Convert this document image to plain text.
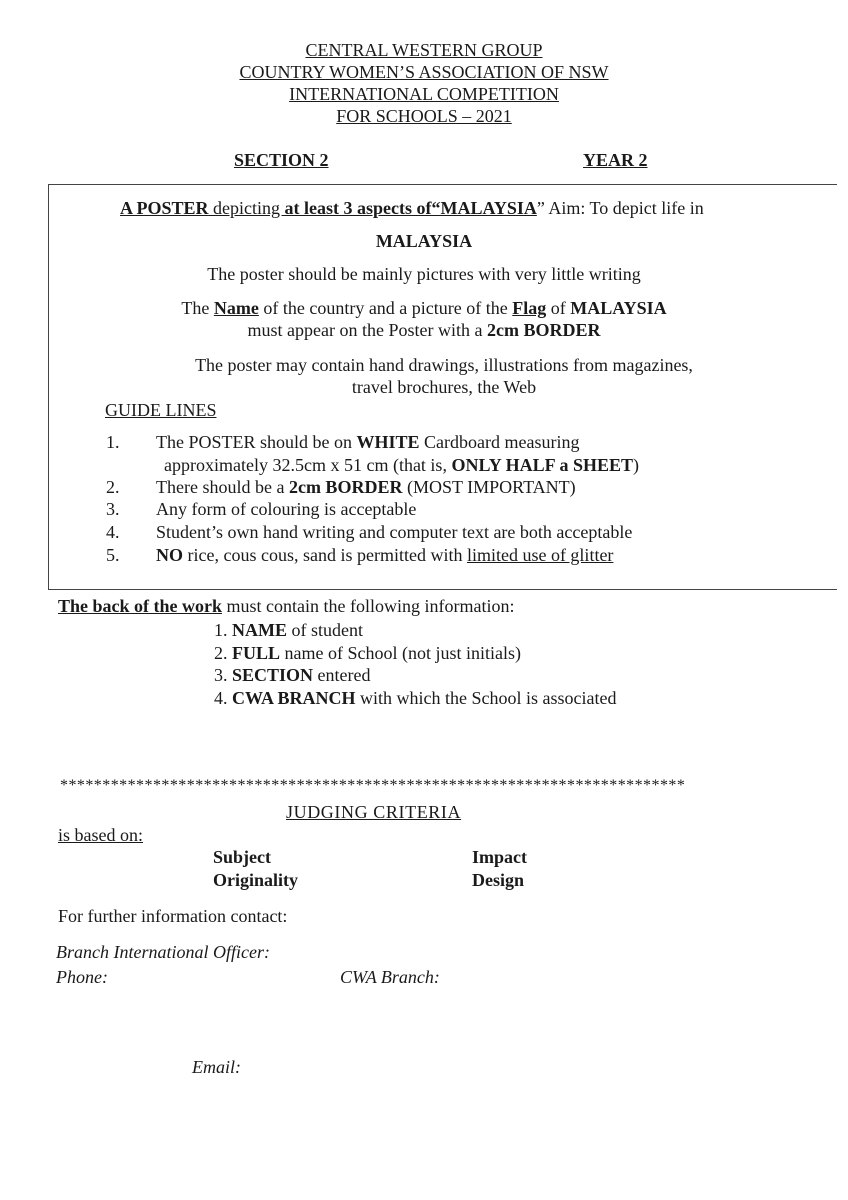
CENTRAL WESTERN GROUP
COUNTRY WOMEN’S ASSOCIATION OF NSW
INTERNATIONAL COMPETITION
FOR SCHOOLS – 2021
SECTION 2	YEAR 2
A POSTER depicting at least 3 aspects of“MALAYSIA” Aim: To depict life in
MALAYSIA
The poster should be mainly pictures with very little writing
The Name of the country and a picture of the Flag of MALAYSIA
must appear on the Poster with a 2cm BORDER
The poster may contain hand drawings, illustrations from magazines,
travel brochures, the Web
GUIDE LINES
1. The POSTER should be on WHITE Cardboard measuring
approximately 32.5cm x 51 cm (that is, ONLY HALF a SHEET)
2. There should be a 2cm BORDER (MOST IMPORTANT)
3. Any form of colouring is acceptable
4. Student’s own hand writing and computer text are both acceptable
5. NO rice, cous cous, sand is permitted with limited use of glitter
The back of the work must contain the following information:
1. NAME of student
2. FULL name of School (not just initials)
3. SECTION entered
4. CWA BRANCH with which the School is associated
**************************************************************************
JUDGING CRITERIA
is based on:
Subject
Originality
Impact
Design
For further information contact:
Branch International Officer:
Phone:	CWA Branch:
Email:
